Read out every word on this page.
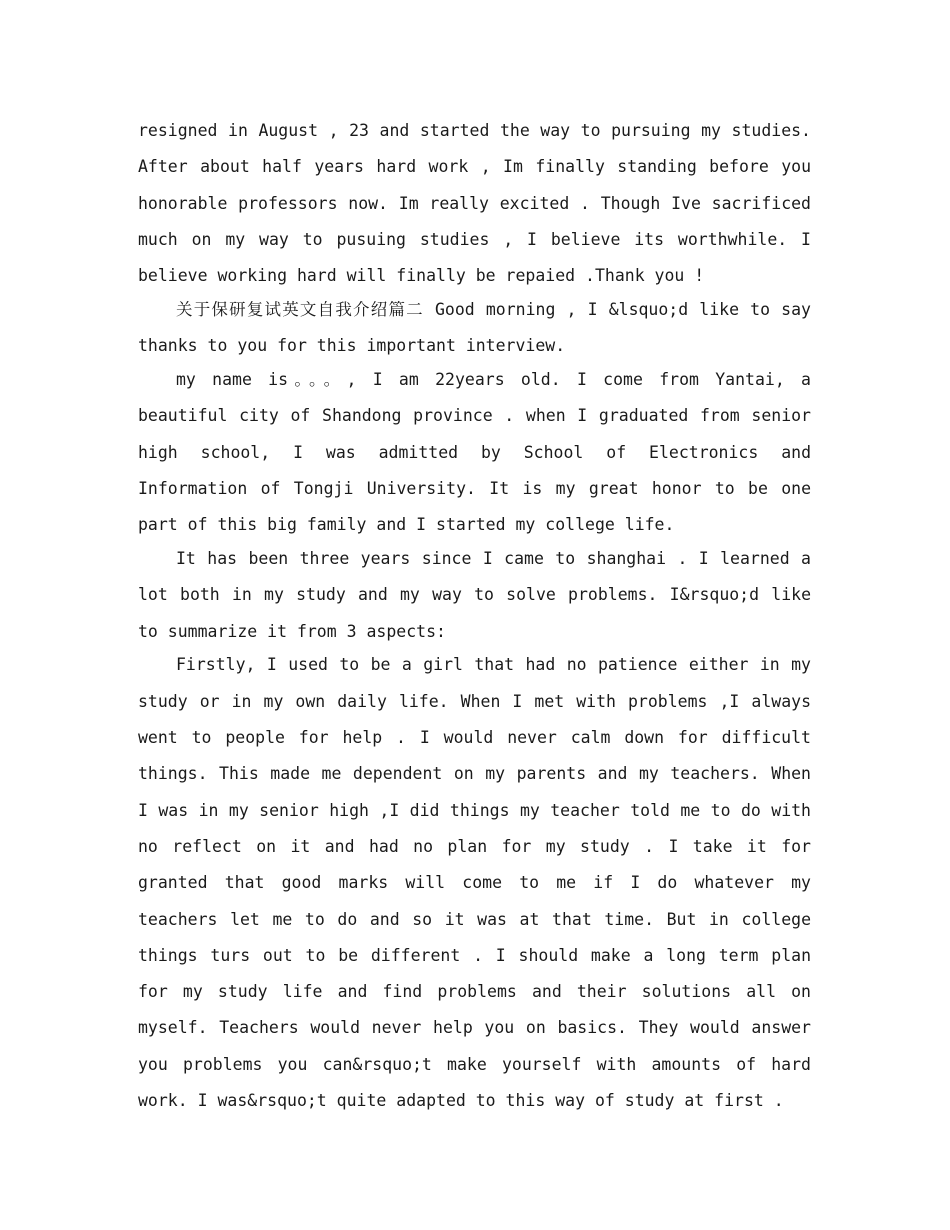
resigned in August , 23 and started the way to pursuing my studies. After about half years hard work , Im finally standing before you honorable professors now. Im really excited . Though Ive sacrificed much on my way to pusuing studies , I believe its worthwhile. I believe working hard will finally be repaied .Thank you !

关于保研复试英文自我介绍篇二 Good morning , I &lsquo;d like to say thanks to you for this important interview.

my name is。。。, I am 22years old. I come from Yantai, a beautiful city of Shandong province . when I graduated from senior high school, I was admitted by School of Electronics and Information of Tongji University. It is my great honor to be one part of this big family and I started my college life.

It has been three years since I came to shanghai . I learned a lot both in my study and my way to solve problems. I&rsquo;d like to summarize it from 3 aspects:

Firstly, I used to be a girl that had no patience either in my study or in my own daily life. When I met with problems ,I always went to people for help . I would never calm down for difficult things. This made me dependent on my parents and my teachers. When I was in my senior high ,I did things my teacher told me to do with no reflect on it and had no plan for my study . I take it for granted that good marks will come to me if I do whatever my teachers let me to do and so it was at that time. But in college things turs out to be different . I should make a long term plan for my study life and find problems and their solutions all on myself. Teachers would never help you on basics. They would answer you problems you can&rsquo;t make yourself with amounts of hard work. I was&rsquo;t quite adapted to this way of study at first .
